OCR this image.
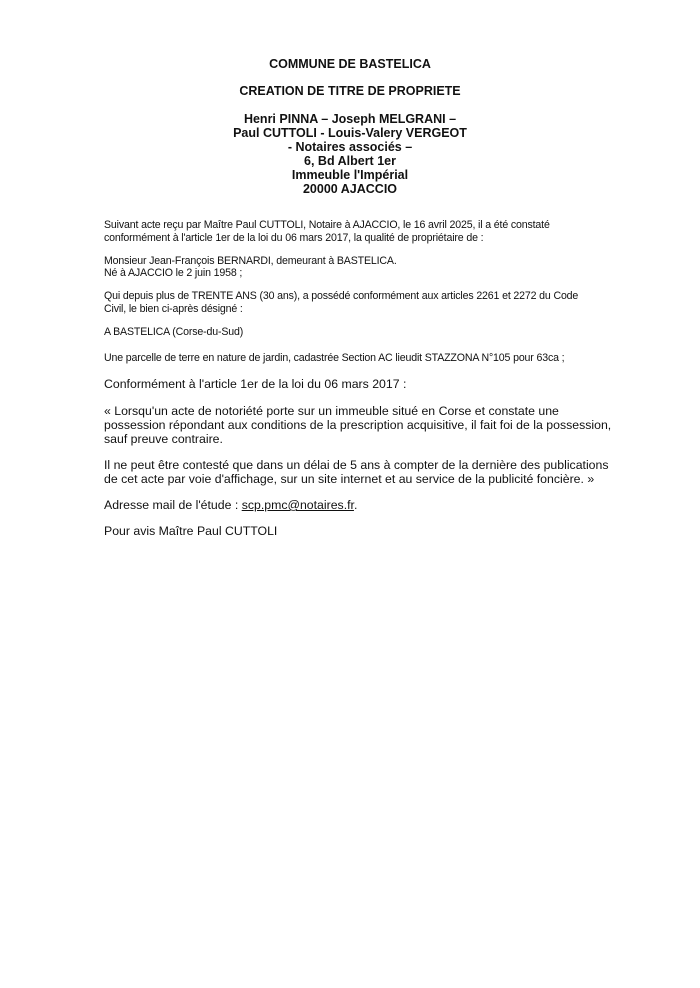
COMMUNE DE BASTELICA
CREATION DE TITRE DE PROPRIETE
Henri PINNA – Joseph MELGRANI –
Paul CUTTOLI - Louis-Valery VERGEOT
- Notaires associés –
6, Bd Albert 1er
Immeuble l'Impérial
20000 AJACCIO
Suivant acte reçu par Maître Paul CUTTOLI, Notaire à AJACCIO, le 16 avril 2025, il a été constaté
conformément à l'article 1er de la loi du 06 mars 2017, la qualité de propriétaire de :
Monsieur Jean-François BERNARDI, demeurant à BASTELICA.
Né à AJACCIO le 2 juin 1958 ;
Qui depuis plus de TRENTE ANS (30 ans), a possédé conformément aux articles 2261 et 2272 du Code
Civil, le bien ci-après désigné :
A BASTELICA (Corse-du-Sud)
Une parcelle de terre en nature de jardin, cadastrée Section AC lieudit STAZZONA N°105 pour 63ca ;
Conformément à l'article 1er de la loi du 06 mars 2017 :
« Lorsqu'un acte de notoriété porte sur un immeuble situé en Corse et constate une
possession répondant aux conditions de la prescription acquisitive, il fait foi de la possession,
sauf preuve contraire.
Il ne peut être contesté que dans un délai de 5 ans à compter de la dernière des publications
de cet acte par voie d'affichage, sur un site internet et au service de la publicité foncière. »
Adresse mail de l'étude : scp.pmc@notaires.fr.
Pour avis Maître Paul CUTTOLI
